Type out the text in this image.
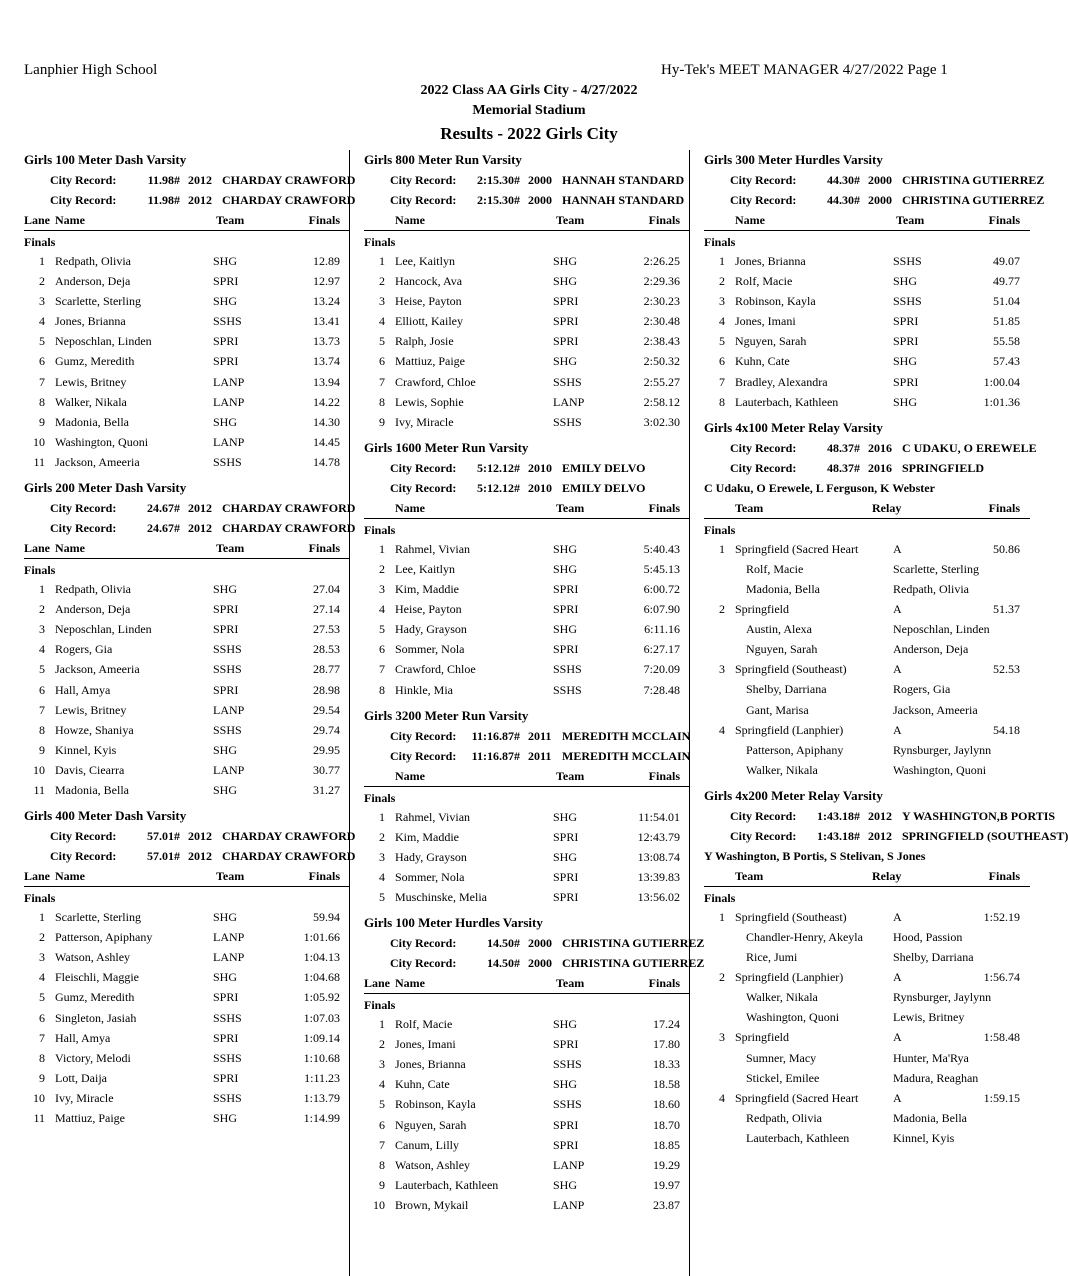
Lanphier High School	Hy-Tek's MEET MANAGER 4/27/2022 Page 1
2022 Class AA Girls City - 4/27/2022
Memorial Stadium
Results - 2022 Girls City
Girls 100 Meter Dash Varsity
City Record:	11.98# 2012 CHARDAY CRAWFORD
City Record:	11.98# 2012 CHARDAY CRAWFORD
Lane Name	Team	Finals
Finals
1 Redpath, Olivia	SHG	12.89
2 Anderson, Deja	SPRI	12.97
3 Scarlette, Sterling	SHG	13.24
4 Jones, Brianna	SSHS	13.41
5 Neposchlan, Linden	SPRI	13.73
6 Gumz, Meredith	SPRI	13.74
7 Lewis, Britney	LANP	13.94
8 Walker, Nikala	LANP	14.22
9 Madonia, Bella	SHG	14.30
10 Washington, Quoni	LANP	14.45
11 Jackson, Ameeria	SSHS	14.78
Girls 200 Meter Dash Varsity
City Record:	24.67# 2012 CHARDAY CRAWFORD
City Record:	24.67# 2012 CHARDAY CRAWFORD
Lane Name	Team	Finals
Finals
1 Redpath, Olivia	SHG	27.04
2 Anderson, Deja	SPRI	27.14
3 Neposchlan, Linden	SPRI	27.53
4 Rogers, Gia	SSHS	28.53
5 Jackson, Ameeria	SSHS	28.77
6 Hall, Amya	SPRI	28.98
7 Lewis, Britney	LANP	29.54
8 Howze, Shaniya	SSHS	29.74
9 Kinnel, Kyis	SHG	29.95
10 Davis, Ciearra	LANP	30.77
11 Madonia, Bella	SHG	31.27
Girls 400 Meter Dash Varsity
City Record:	57.01# 2012 CHARDAY CRAWFORD
City Record:	57.01# 2012 CHARDAY CRAWFORD
Lane Name	Team	Finals
Finals
1 Scarlette, Sterling	SHG	59.94
2 Patterson, Apiphany	LANP	1:01.66
3 Watson, Ashley	LANP	1:04.13
4 Fleischli, Maggie	SHG	1:04.68
5 Gumz, Meredith	SPRI	1:05.92
6 Singleton, Jasiah	SSHS	1:07.03
7 Hall, Amya	SPRI	1:09.14
8 Victory, Melodi	SSHS	1:10.68
9 Lott, Daija	SPRI	1:11.23
10 Ivy, Miracle	SSHS	1:13.79
11 Mattiuz, Paige	SHG	1:14.99
Girls 800 Meter Run Varsity
City Record:	2:15.30# 2000 HANNAH STANDARD
City Record:	2:15.30# 2000 HANNAH STANDARD
Name	Team	Finals
Finals
1 Lee, Kaitlyn	SHG	2:26.25
2 Hancock, Ava	SHG	2:29.36
3 Heise, Payton	SPRI	2:30.23
4 Elliott, Kailey	SPRI	2:30.48
5 Ralph, Josie	SPRI	2:38.43
6 Mattiuz, Paige	SHG	2:50.32
7 Crawford, Chloe	SSHS	2:55.27
8 Lewis, Sophie	LANP	2:58.12
9 Ivy, Miracle	SSHS	3:02.30
Girls 1600 Meter Run Varsity
City Record:	5:12.12# 2010 EMILY DELVO
City Record:	5:12.12# 2010 EMILY DELVO
Name	Team	Finals
Finals
1 Rahmel, Vivian	SHG	5:40.43
2 Lee, Kaitlyn	SHG	5:45.13
3 Kim, Maddie	SPRI	6:00.72
4 Heise, Payton	SPRI	6:07.90
5 Hady, Grayson	SHG	6:11.16
6 Sommer, Nola	SPRI	6:27.17
7 Crawford, Chloe	SSHS	7:20.09
8 Hinkle, Mia	SSHS	7:28.48
Girls 3200 Meter Run Varsity
City Record:	11:16.87# 2011 MEREDITH MCCLAIN
City Record:	11:16.87# 2011 MEREDITH MCCLAIN
Name	Team	Finals
Finals
1 Rahmel, Vivian	SHG	11:54.01
2 Kim, Maddie	SPRI	12:43.79
3 Hady, Grayson	SHG	13:08.74
4 Sommer, Nola	SPRI	13:39.83
5 Muschinske, Melia	SPRI	13:56.02
Girls 100 Meter Hurdles Varsity
City Record:	14.50# 2000 CHRISTINA GUTIERREZ
City Record:	14.50# 2000 CHRISTINA GUTIERREZ
Lane Name	Team	Finals
Finals
1 Rolf, Macie	SHG	17.24
2 Jones, Imani	SPRI	17.80
3 Jones, Brianna	SSHS	18.33
4 Kuhn, Cate	SHG	18.58
5 Robinson, Kayla	SSHS	18.60
6 Nguyen, Sarah	SPRI	18.70
7 Canum, Lilly	SPRI	18.85
8 Watson, Ashley	LANP	19.29
9 Lauterbach, Kathleen	SHG	19.97
10 Brown, Mykail	LANP	23.87
Girls 300 Meter Hurdles Varsity
City Record:	44.30# 2000 CHRISTINA GUTIERREZ
City Record:	44.30# 2000 CHRISTINA GUTIERREZ
Name	Team	Finals
Finals
1 Jones, Brianna	SSHS	49.07
2 Rolf, Macie	SHG	49.77
3 Robinson, Kayla	SSHS	51.04
4 Jones, Imani	SPRI	51.85
5 Nguyen, Sarah	SPRI	55.58
6 Kuhn, Cate	SHG	57.43
7 Bradley, Alexandra	SPRI	1:00.04
8 Lauterbach, Kathleen	SHG	1:01.36
Girls 4x100 Meter Relay Varsity
City Record:	48.37# 2016 C UDAKU, O EREWELE
City Record:	48.37# 2016 SPRINGFIELD
C Udaku, O Erewele, L Ferguson, K Webster
Team	Relay	Finals
Finals
1 Springfield (Sacred Heart	A	50.86
Rolf, Macie	Scarlette, Sterling
Madonia, Bella	Redpath, Olivia
2 Springfield	A	51.37
Austin, Alexa	Neposchlan, Linden
Nguyen, Sarah	Anderson, Deja
3 Springfield (Southeast)	A	52.53
Shelby, Darriana	Rogers, Gia
Gant, Marisa	Jackson, Ameeria
4 Springfield (Lanphier)	A	54.18
Patterson, Apiphany	Rynsburger, Jaylynn
Walker, Nikala	Washington, Quoni
Girls 4x200 Meter Relay Varsity
City Record:	1:43.18# 2012 Y WASHINGTON,B PORTIS
City Record:	1:43.18# 2012 SPRINGFIELD (SOUTHEAST)
Y Washington, B Portis, S Stelivan, S Jones
Team	Relay	Finals
Finals
1 Springfield (Southeast)	A	1:52.19
Chandler-Henry, Akeyla	Hood, Passion
Rice, Jumi	Shelby, Darriana
2 Springfield (Lanphier)	A	1:56.74
Walker, Nikala	Rynsburger, Jaylynn
Washington, Quoni	Lewis, Britney
3 Springfield	A	1:58.48
Sumner, Macy	Hunter, Ma'Rya
Stickel, Emilee	Madura, Reaghan
4 Springfield (Sacred Heart	A	1:59.15
Redpath, Olivia	Madonia, Bella
Lauterbach, Kathleen	Kinnel, Kyis
